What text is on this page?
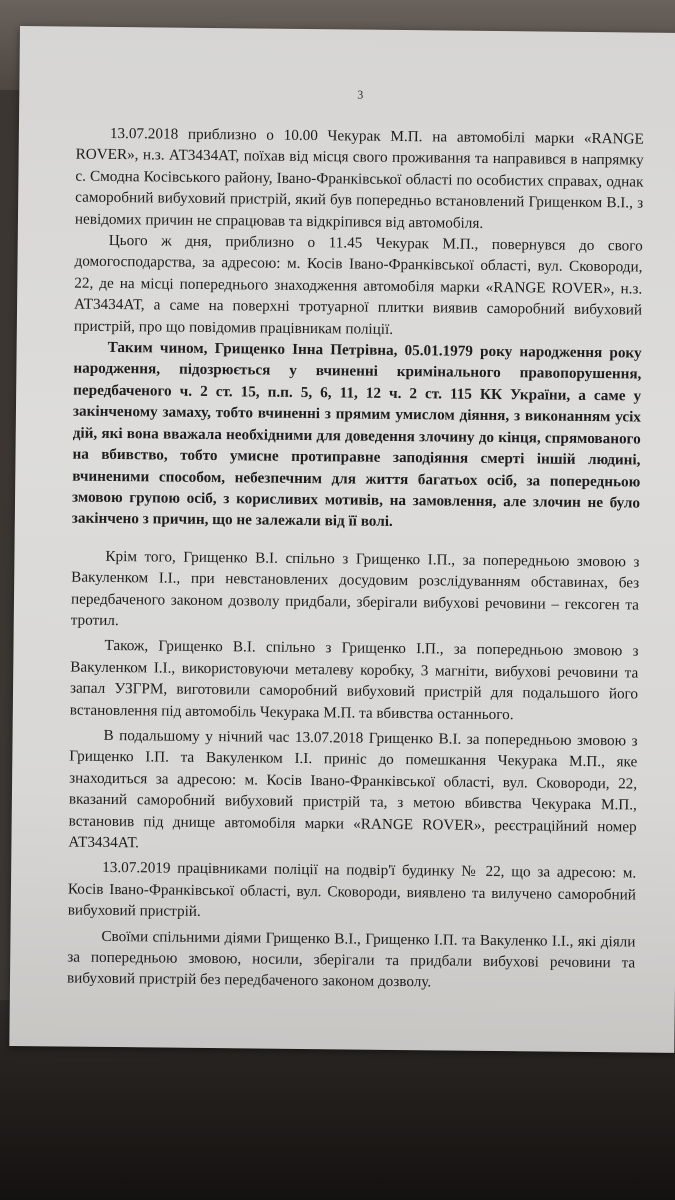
3

13.07.2018 приблизно о 10.00 Чекурак М.П. на автомобілі марки «RANGE ROVER», н.з. АТ3434АТ, поїхав від місця свого проживання та направився в напрямку с. Смодна Косівського району, Івано-Франківської області по особистих справах, однак саморобний вибуховий пристрій, який був попередньо встановлений Грищенком В.І., з невідомих причин не спрацював та відкріпився від автомобіля.

Цього ж дня, приблизно о 11.45 Чекурак М.П., повернувся до свого домогосподарства, за адресою: м. Косів Івано-Франківської області, вул. Сковороди, 22, де на місці попереднього знаходження автомобіля марки «RANGE ROVER», н.з. АТ3434АТ, а саме на поверхні тротуарної плитки виявив саморобний вибуховий пристрій, про що повідомив працівникам поліції.

Таким чином, Грищенко Інна Петрівна, 05.01.1979 року народження року народження, підозрюється у вчиненні кримінального правопорушення, передбаченого ч. 2 ст. 15, п.п. 5, 6, 11, 12 ч. 2 ст. 115 КК України, а саме у закінченому замаху, тобто вчиненні з прямим умислом діяння, з виконанням усіх дій, які вона вважала необхідними для доведення злочину до кінця, спрямованого на вбивство, тобто умисне протиправне заподіяння смерті іншій людині, вчиненими способом, небезпечним для життя багатьох осіб, за попередньою змовою групою осіб, з корисливих мотивів, на замовлення, але злочин не було закінчено з причин, що не залежали від її волі.

Крім того, Грищенко В.І. спільно з Грищенко І.П., за попередньою змовою з Вакуленком І.І., при невстановлених досудовим розслідуванням обставинах, без передбаченого законом дозволу придбали, зберігали вибухові речовини – гексоген та тротил.

Також, Грищенко В.І. спільно з Грищенко І.П., за попередньою змовою з Вакуленком І.І., використовуючи металеву коробку, 3 магніти, вибухові речовини та запал УЗГРМ, виготовили саморобний вибуховий пристрій для подальшого його встановлення під автомобіль Чекурака М.П. та вбивства останнього.

В подальшому у нічний час 13.07.2018 Грищенко В.І. за попередньою змовою з Грищенко І.П. та Вакуленком І.І. приніс до помешкання Чекурака М.П., яке знаходиться за адресою: м. Косів Івано-Франківської області, вул. Сковороди, 22, вказаний саморобний вибуховий пристрій та, з метою вбивства Чекурака М.П., встановив під днище автомобіля марки «RANGE ROVER», реєстраційний номер АТ3434АТ.

13.07.2019 працівниками поліції на подвір'ї будинку № 22, що за адресою: м. Косів Івано-Франківської області, вул. Сковороди, виявлено та вилучено саморобний вибуховий пристрій.

Своїми спільними діями Грищенко В.І., Грищенко І.П. та Вакуленко І.І., які діяли за попередньою змовою, носили, зберігали та придбали вибухові речовини та вибуховий пристрій без передбаченого законом дозволу.
